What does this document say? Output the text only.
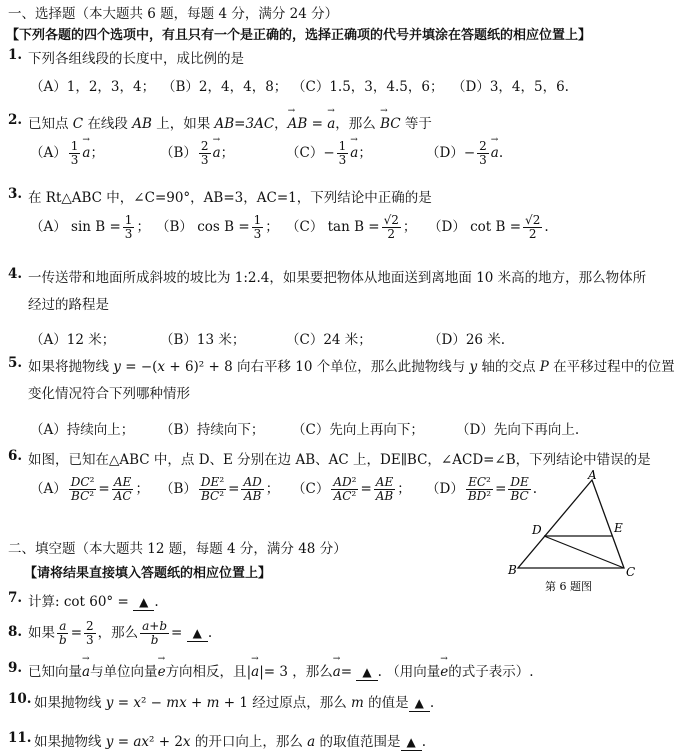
一、选择题（本大题共 6 题，每题 4 分，满分 24 分）
【下列各题的四个选项中，有且只有一个是正确的，选择正确项的代号并填涂在答题纸的相应位置上】
1. 下列各组线段的长度中，成比例的是
（A）1，2，3，4； （B）2，4，4，8； （C）1.5，3，4.5，6； （D）3，4，5，6.
2. 已知点 C 在线段 AB 上，如果 AB=3AC，→ AB = → a，那么 → BC 等于
$(A) \frac{1}{3}$
→ a；	$(B) \frac{2}{3}$
→ a；	$(C)- \frac{1}{3}$
→ a；	$(D)- \frac{2}{3}$
→ a.
3. 在 Rt△ABC 中，∠C=90°，AB=3，AC=1，下列结论中正确的是
（A） $\sin B = \frac{1}{3}$ ； （B） $\cos B = \frac{1}{3}$ ； （C） $\tan B = \frac{√2}{2}$ ； （D） $\cot B = \frac{√2}{2}$ .
4. 一传送带和地面所成斜坡的坡比为 1:2.4，如果要把物体从地面送到离地面 10 米高的地方，那么物体所
经过的路程是
（A）12 米；	（B）13 米；	（C）24 米；	（D）26 米.
5. 如果将抛物线 y = −(x + 6)² + 8 向右平移 10 个单位，那么此抛物线与 y 轴的交点 P 在平移过程中的位置
变化情况符合下列哪种情形
（A）持续向上； （B）持续向下； （C）先向上再向下； （D）先向下再向上.
6. 如图，已知在△ABC 中，点 D、E 分别在边 AB、AC 上，DE∥BC，∠ACD=∠B，下列结论中错误的是
$(A) \frac{\text{DC²}}{\text{BC²}} = \frac{AE}{AC}$ ； $(B) \frac{\text{DE²}}{\text{BC²}} = \frac{AD}{AB}$ ； $(C) \frac{\text{AD²}}{\text{AC²}} = \frac{AE}{AB}$ ； $(D) \frac{\text{EC²}}{\text{BD²}} = \frac{DE}{BC}$ .
A
B	C
D	E
第 6 题图
二、填空题（本大题共 12 题，每题 4 分，满分 48 分）
【请将结果直接填入答题纸的相应位置上】
7. 计算: cot 60° = ▲ .
8. 如果 $\frac{a}{b} = \frac{2}{3}$ ，那么 $\frac{a+b}{b}$ = ▲ .
9. 已知向量→ a与单位向量→ e方向相反，且|→ a|= 3 ，那么→ a= ▲ . （用向量→ e的式子表示）.
10. 如果抛物线 y = x² − mx + m + 1 经过原点，那么 m 的值是 ▲ .
11. 如果抛物线 y = ax² + 2x 的开口向上，那么 a 的取值范围是 ▲ .
